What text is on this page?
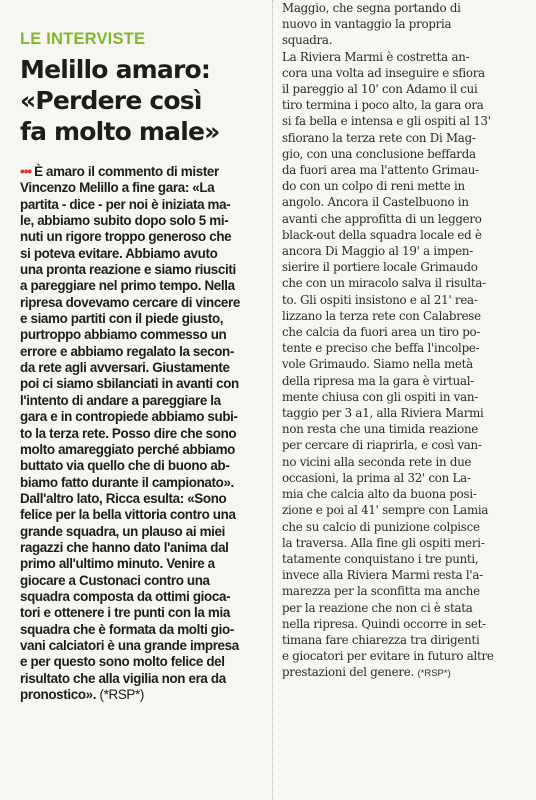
LE INTERVISTE
Melillo amaro:
«Perdere così
fa molto male»

••• È amaro il commento di mister
Vincenzo Melillo a fine gara: «La
partita - dice - per noi è iniziata ma-
le, abbiamo subito dopo solo 5 mi-
nuti un rigore troppo generoso che
si poteva evitare. Abbiamo avuto
una pronta reazione e siamo riusciti
a pareggiare nel primo tempo. Nella
ripresa dovevamo cercare di vincere
e siamo partiti con il piede giusto,
purtroppo abbiamo commesso un
errore e abbiamo regalato la secon-
da rete agli avversari. Giustamente
poi ci siamo sbilanciati in avanti con
l'intento di andare a pareggiare la
gara e in contropiede abbiamo subi-
to la terza rete. Posso dire che sono
molto amareggiato perché abbiamo
buttato via quello che di buono ab-
biamo fatto durante il campionato».
Dall'altro lato, Ricca esulta: «Sono
felice per la bella vittoria contro una
grande squadra, un plauso ai miei
ragazzi che hanno dato l'anima dal
primo all'ultimo minuto. Venire a
giocare a Custonaci contro una
squadra composta da ottimi gioca-
tori e ottenere i tre punti con la mia
squadra che è formata da molti gio-
vani calciatori è una grande impresa
e per questo sono molto felice del
risultato che alla vigilia non era da
pronostico». (*RSP*)

Maggio, che segna portando di
nuovo in vantaggio la propria
squadra.

La Riviera Marmi è costretta an-
cora una volta ad inseguire e sfiora
il pareggio al 10' con Adamo il cui
tiro termina i poco alto, la gara ora
si fa bella e intensa e gli ospiti al 13'
sfiorano la terza rete con Di Mag-
gio, con una conclusione beffarda
da fuori area ma l'attento Grimau-
do con un colpo di reni mette in
angolo. Ancora il Castelbuono in
avanti che approfitta di un leggero
black-out della squadra locale ed è
ancora Di Maggio al 19' a impen-
sierire il portiere locale Grimaudo
che con un miracolo salva il risulta-
to. Gli ospiti insistono e al 21' rea-
lizzano la terza rete con Calabrese
che calcia da fuori area un tiro po-
tente e preciso che beffa l'incolpe-
vole Grimaudo. Siamo nella metà
della ripresa ma la gara è virtual-
mente chiusa con gli ospiti in van-
taggio per 3 a1, alla Riviera Marmi
non resta che una timida reazione
per cercare di riaprirla, e così van-
no vicini alla seconda rete in due
occasioni, la prima al 32' con La-
mia che calcia alto da buona posi-
zione e poi al 41' sempre con Lamia
che su calcio di punizione colpisce
la traversa. Alla fine gli ospiti meri-
tatamente conquistano i tre punti,
invece alla Riviera Marmi resta l'a-
marezza per la sconfitta ma anche
per la reazione che non ci è stata
nella ripresa. Quindi occorre in set-
timana fare chiarezza tra dirigenti
e giocatori per evitare in futuro altre
prestazioni del genere. (*RSP*)
